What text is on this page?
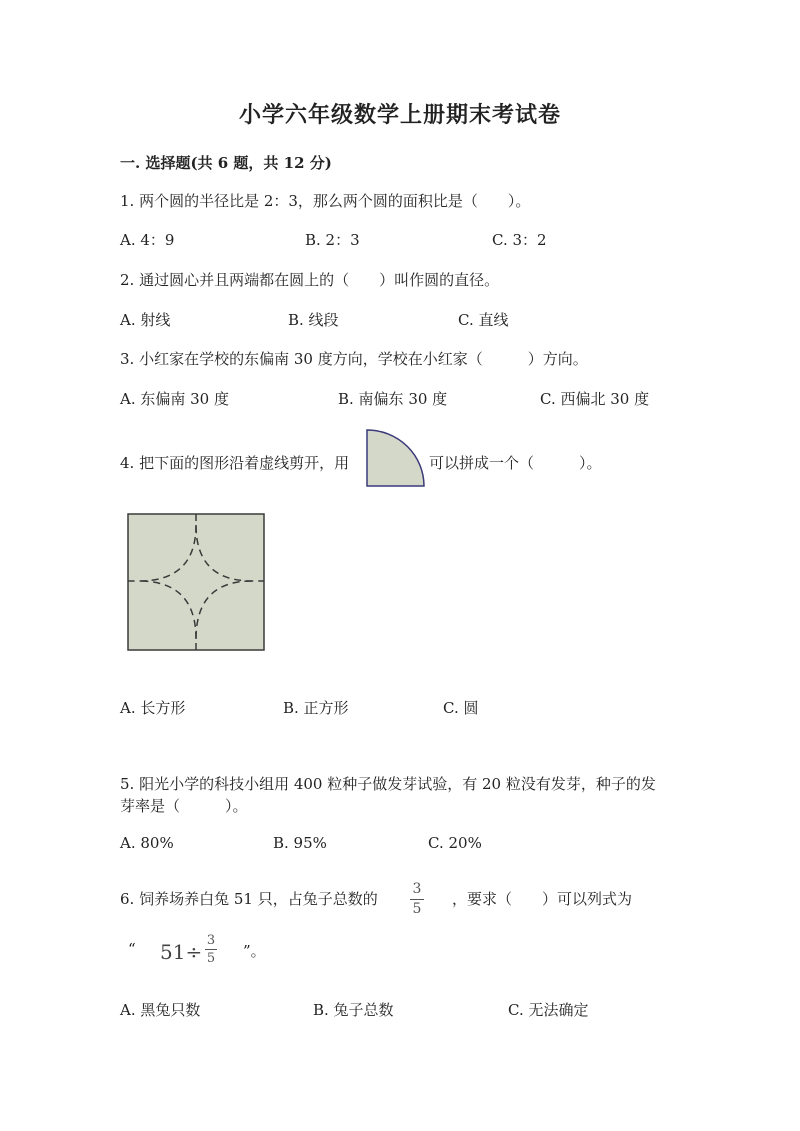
小学六年级数学上册期末考试卷
一. 选择题(共 6 题，共 12 分)
1. 两个圆的半径比是 2：3，那么两个圆的面积比是（　　）。
A. 4：9	B. 2：3	C. 3：2
2. 通过圆心并且两端都在圆上的（　　）叫作圆的直径。
A. 射线	B. 线段	C. 直线
3. 小红家在学校的东偏南 30 度方向，学校在小红家（　　　）方向。
A. 东偏南 30 度	B. 南偏东 30 度	C. 西偏北 30 度
4. 把下面的图形沿着虚线剪开，用	可以拼成一个（　　　）。
A. 长方形	B. 正方形	C. 圆
5. 阳光小学的科技小组用 400 粒种子做发芽试验，有 20 粒没有发芽，种子的发
芽率是（　　　）。
A. 80%	B. 95%	C. 20%
6. 饲养场养白兔 51 只，占兔子总数的
3
5
，要求（　　）可以列式为
“ 51÷ 3
5 ”。
A. 黑兔只数	B. 兔子总数	C. 无法确定
